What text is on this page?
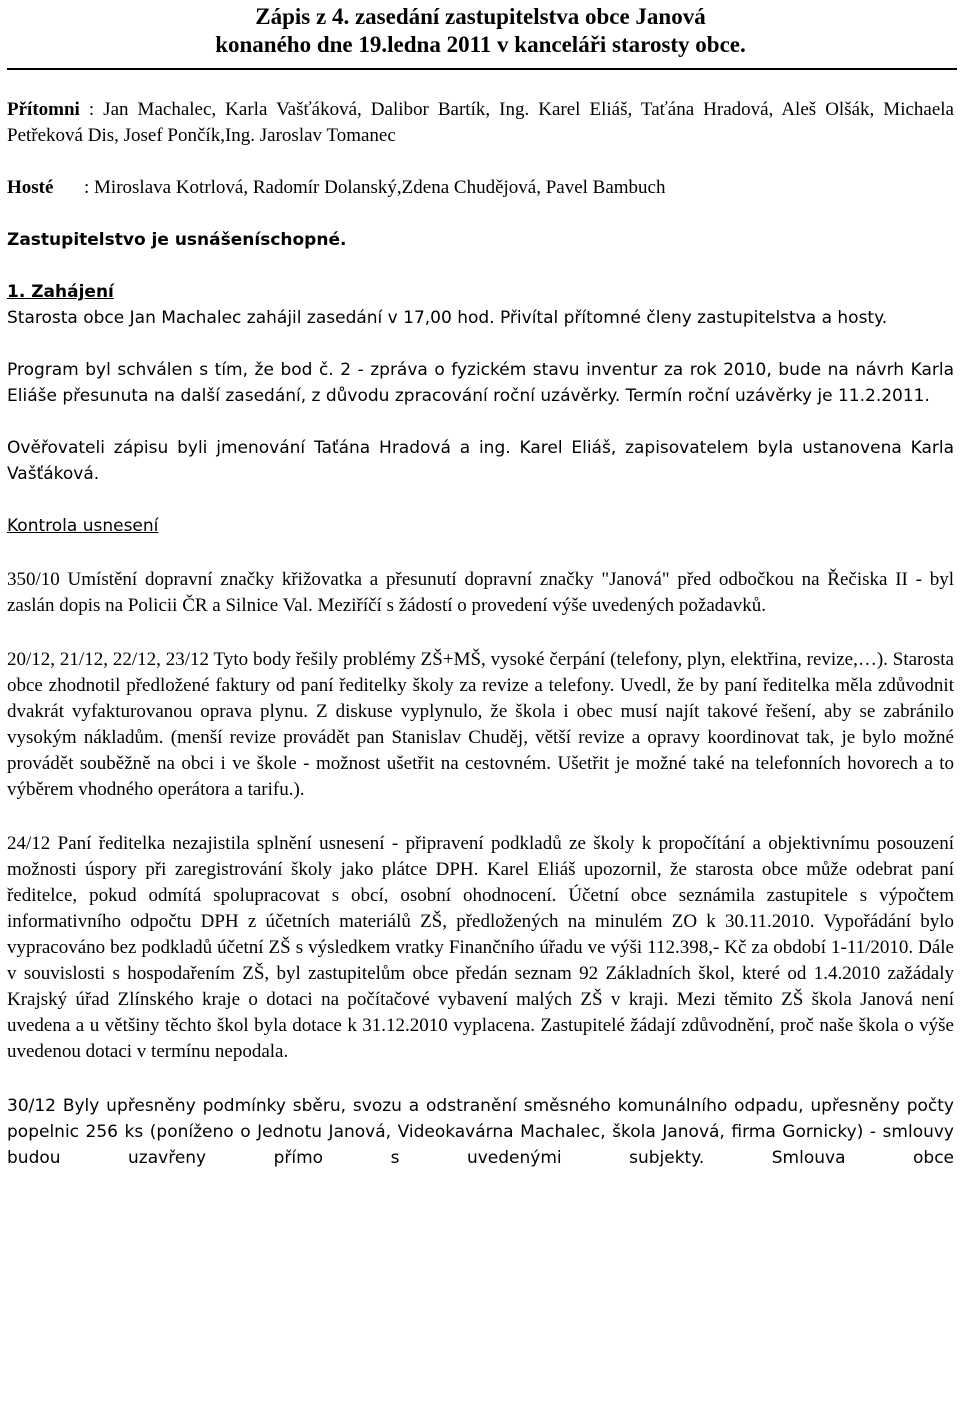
Zápis z 4. zasedání zastupitelstva obce Janová
konaného dne 19.ledna 2011 v kanceláři starosty obce.

Přítomni : Jan Machalec, Karla Vašťáková, Dalibor Bartík, Ing. Karel Eliáš, Taťána Hradová, Aleš Olšák, Michaela Petřeková Dis, Josef Pončík,Ing. Jaroslav Tomanec

Hosté : Miroslava Kotrlová, Radomír Dolanský,Zdena Chudějová, Pavel Bambuch

Zastupitelstvo je usnášeníschopné.

1. Zahájení

Starosta obce Jan Machalec zahájil zasedání v 17,00 hod. Přivítal přítomné členy zastupitelstva a hosty.

Program byl schválen s tím, že bod č. 2 - zpráva o fyzickém stavu inventur za rok 2010, bude na návrh Karla Eliáše přesunuta na další zasedání, z důvodu zpracování roční uzávěrky. Termín roční uzávěrky je 11.2.2011.

Ověřovateli zápisu byli jmenování Taťána Hradová a ing. Karel Eliáš, zapisovatelem byla ustanovena Karla Vašťáková.

Kontrola usnesení

350/10 Umístění dopravní značky křižovatka a přesunutí dopravní značky "Janová" před odbočkou na Řečiska II - byl zaslán dopis na Policii ČR a Silnice Val. Meziříčí s žádostí o provedení výše uvedených požadavků.

20/12, 21/12, 22/12, 23/12 Tyto body řešily problémy ZŠ+MŠ, vysoké čerpání (telefony, plyn, elektřina, revize,…). Starosta obce zhodnotil předložené faktury od paní ředitelky školy za revize a telefony. Uvedl, že by paní ředitelka měla zdůvodnit dvakrát vyfakturovanou oprava plynu. Z diskuse vyplynulo, že škola i obec musí najít takové řešení, aby se zabránilo vysokým nákladům. (menší revize provádět pan Stanislav Chuděj, větší revize a opravy koordinovat tak, je bylo možné provádět souběžně na obci i ve škole - možnost ušetřit na cestovném. Ušetřit je možné také na telefonních hovorech a to výběrem vhodného operátora a tarifu.).

24/12 Paní ředitelka nezajistila splnění usnesení - připravení podkladů ze školy k propočítání a objektivnímu posouzení možnosti úspory při zaregistrování školy jako plátce DPH. Karel Eliáš upozornil, že starosta obce může odebrat paní ředitelce, pokud odmítá spolupracovat s obcí, osobní ohodnocení. Účetní obce seznámila zastupitele s výpočtem informativního odpočtu DPH z účetních materiálů ZŠ, předložených na minulém ZO k 30.11.2010. Vypořádání bylo vypracováno bez podkladů účetní ZŠ s výsledkem vratky Finančního úřadu ve výši 112.398,- Kč za období 1-11/2010. Dále v souvislosti s hospodařením ZŠ, byl zastupitelům obce předán seznam 92 Základních škol, které od 1.4.2010 zažádaly Krajský úřad Zlínského kraje o dotaci na počítačové vybavení malých ZŠ v kraji. Mezi těmito ZŠ škola Janová není uvedena a u většiny těchto škol byla dotace k 31.12.2010 vyplacena. Zastupitelé žádají zdůvodnění, proč naše škola o výše uvedenou dotaci v termínu nepodala.

30/12 Byly upřesněny podmínky sběru, svozu a odstranění směsného komunálního odpadu, upřesněny počty popelnic 256 ks (poníženo o Jednotu Janová, Videokavárna Machalec, škola Janová, firma Gornicky) - smlouvy budou uzavřeny přímo s uvedenými subjekty. Smlouva obce
